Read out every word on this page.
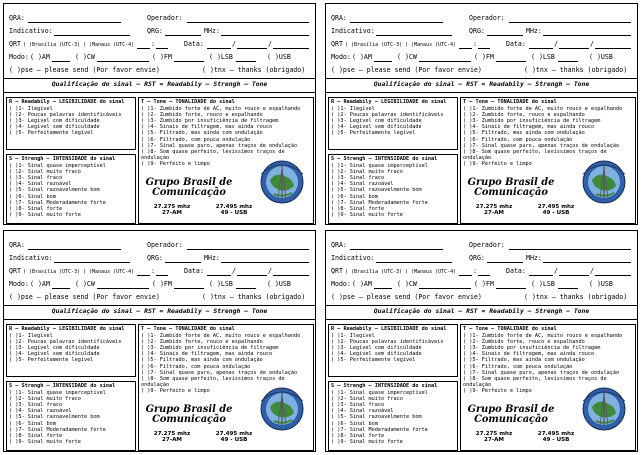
QRA:	Operador:
Indicativo:	QRG:	MHz:
QRT ( )Brasília (UTC-3) ( )Manaus (UTC-4)	:	Data:	/	/
Modo: ( )AM	( )CW	( )FM	( )LSB	( )USB
( )pse – please send (Por favor envie)	( )tnx – thanks (obrigado)
Qualificação do sinal – RST = Readabily – Strengh – Tone
R – Readabily – LEGIBILIDADE do sinal
( )1- Ilegível
( )2- Poucas palavras identificáveis
( )3- Legível com dificuldade
( )4- Legível sem dificuldade
( )5- Perfeitamente legível
S – Strengh – INTENSIDADE do sinal
( )1- Sinal quase imperceptível
( )2- Sinal muito fraco
( )3- Sinal fraco
( )4- Sinal razoável
( )5- Sinal razoavelmente bom
( )6- Sinal bom
( )7- Sinal Moderadamente forte
( )8- Sinal forte
( )9- Sinal muito forte
T – Tone – TONALIDADE do sinal
( )1- Zumbido forte de AC, muito rouco e espalhando
( )2- Zumbido forte, rouco e espalhando
( )3- Zumbido por insuficiência de filtragem
( )4- Sinais de filtragem, mas ainda rouco
( )5- Filtrado, mas ainda com ondulação
( )6- Filtrado, com pouca ondulação
( )7- Sinal quase puro, apenas traços de ondulação
( )8- Som quase perfeito, levíssimos traços de ondulação
( )9- Perfeito e limpo
Grupo Brasil de
Comunicação
27.275 mhz
27-AM
27.495 mhz
49 - USB
QRA:	Operador:
Indicativo:	QRG:	MHz:
QRT ( )Brasília (UTC-3) ( )Manaus (UTC-4)	:	Data:	/	/
Modo: ( )AM	( )CW	( )FM	( )LSB	( )USB
( )pse – please send (Por favor envie)	( )tnx – thanks (obrigado)
Qualificação do sinal – RST = Readabily – Strengh – Tone
R – Readabily – LEGIBILIDADE do sinal
( )1- Ilegível
( )2- Poucas palavras identificáveis
( )3- Legível com dificuldade
( )4- Legível sem dificuldade
( )5- Perfeitamente legível
S – Strengh – INTENSIDADE do sinal
( )1- Sinal quase imperceptível
( )2- Sinal muito fraco
( )3- Sinal fraco
( )4- Sinal razoável
( )5- Sinal razoavelmente bom
( )6- Sinal bom
( )7- Sinal Moderadamente forte
( )8- Sinal forte
( )9- Sinal muito forte
T – Tone – TONALIDADE do sinal
( )1- Zumbido forte de AC, muito rouco e espalhando
( )2- Zumbido forte, rouco e espalhando
( )3- Zumbido por insuficiência de filtragem
( )4- Sinais de filtragem, mas ainda rouco
( )5- Filtrado, mas ainda com ondulação
( )6- Filtrado, com pouca ondulação
( )7- Sinal quase puro, apenas traços de ondulação
( )8- Som quase perfeito, levíssimos traços de ondulação
( )9- Perfeito e limpo
Grupo Brasil de
Comunicação
27.275 mhz
27-AM
27.495 mhz
49 - USB
QRA:	Operador:
Indicativo:	QRG:	MHz:
QRT ( )Brasília (UTC-3) ( )Manaus (UTC-4)	:	Data:	/	/
Modo: ( )AM	( )CW	( )FM	( )LSB	( )USB
( )pse – please send (Por favor envie)	( )tnx – thanks (obrigado)
Qualificação do sinal – RST = Readabily – Strengh – Tone
R – Readabily – LEGIBILIDADE do sinal
( )1- Ilegível
( )2- Poucas palavras identificáveis
( )3- Legível com dificuldade
( )4- Legível sem dificuldade
( )5- Perfeitamente legível
S – Strengh – INTENSIDADE do sinal
( )1- Sinal quase imperceptível
( )2- Sinal muito fraco
( )3- Sinal fraco
( )4- Sinal razoável
( )5- Sinal razoavelmente bom
( )6- Sinal bom
( )7- Sinal Moderadamente forte
( )8- Sinal forte
( )9- Sinal muito forte
T – Tone – TONALIDADE do sinal
( )1- Zumbido forte de AC, muito rouco e espalhando
( )2- Zumbido forte, rouco e espalhando
( )3- Zumbido por insuficiência de filtragem
( )4- Sinais de filtragem, mas ainda rouco
( )5- Filtrado, mas ainda com ondulação
( )6- Filtrado, com pouca ondulação
( )7- Sinal quase puro, apenas traços de ondulação
( )8- Som quase perfeito, levíssimos traços de ondulação
( )9- Perfeito e limpo
Grupo Brasil de
Comunicação
27.275 mhz
27-AM
27.495 mhz
49 - USB
QRA:	Operador:
Indicativo:	QRG:	MHz:
QRT ( )Brasília (UTC-3) ( )Manaus (UTC-4)	:	Data:	/	/
Modo: ( )AM	( )CW	( )FM	( )LSB	( )USB
( )pse – please send (Por favor envie)	( )tnx – thanks (obrigado)
Qualificação do sinal – RST = Readabily – Strengh – Tone
R – Readabily – LEGIBILIDADE do sinal
( )1- Ilegível
( )2- Poucas palavras identificáveis
( )3- Legível com dificuldade
( )4- Legível sem dificuldade
( )5- Perfeitamente legível
S – Strengh – INTENSIDADE do sinal
( )1- Sinal quase imperceptível
( )2- Sinal muito fraco
( )3- Sinal fraco
( )4- Sinal razoável
( )5- Sinal razoavelmente bom
( )6- Sinal bom
( )7- Sinal Moderadamente forte
( )8- Sinal forte
( )9- Sinal muito forte
T – Tone – TONALIDADE do sinal
( )1- Zumbido forte de AC, muito rouco e espalhando
( )2- Zumbido forte, rouco e espalhando
( )3- Zumbido por insuficiência de filtragem
( )4- Sinais de filtragem, mas ainda rouco
( )5- Filtrado, mas ainda com ondulação
( )6- Filtrado, com pouca ondulação
( )7- Sinal quase puro, apenas traços de ondulação
( )8- Som quase perfeito, levíssimos traços de ondulação
( )9- Perfeito e limpo
Grupo Brasil de
Comunicação
27.275 mhz
27-AM
27.495 mhz
49 - USB
